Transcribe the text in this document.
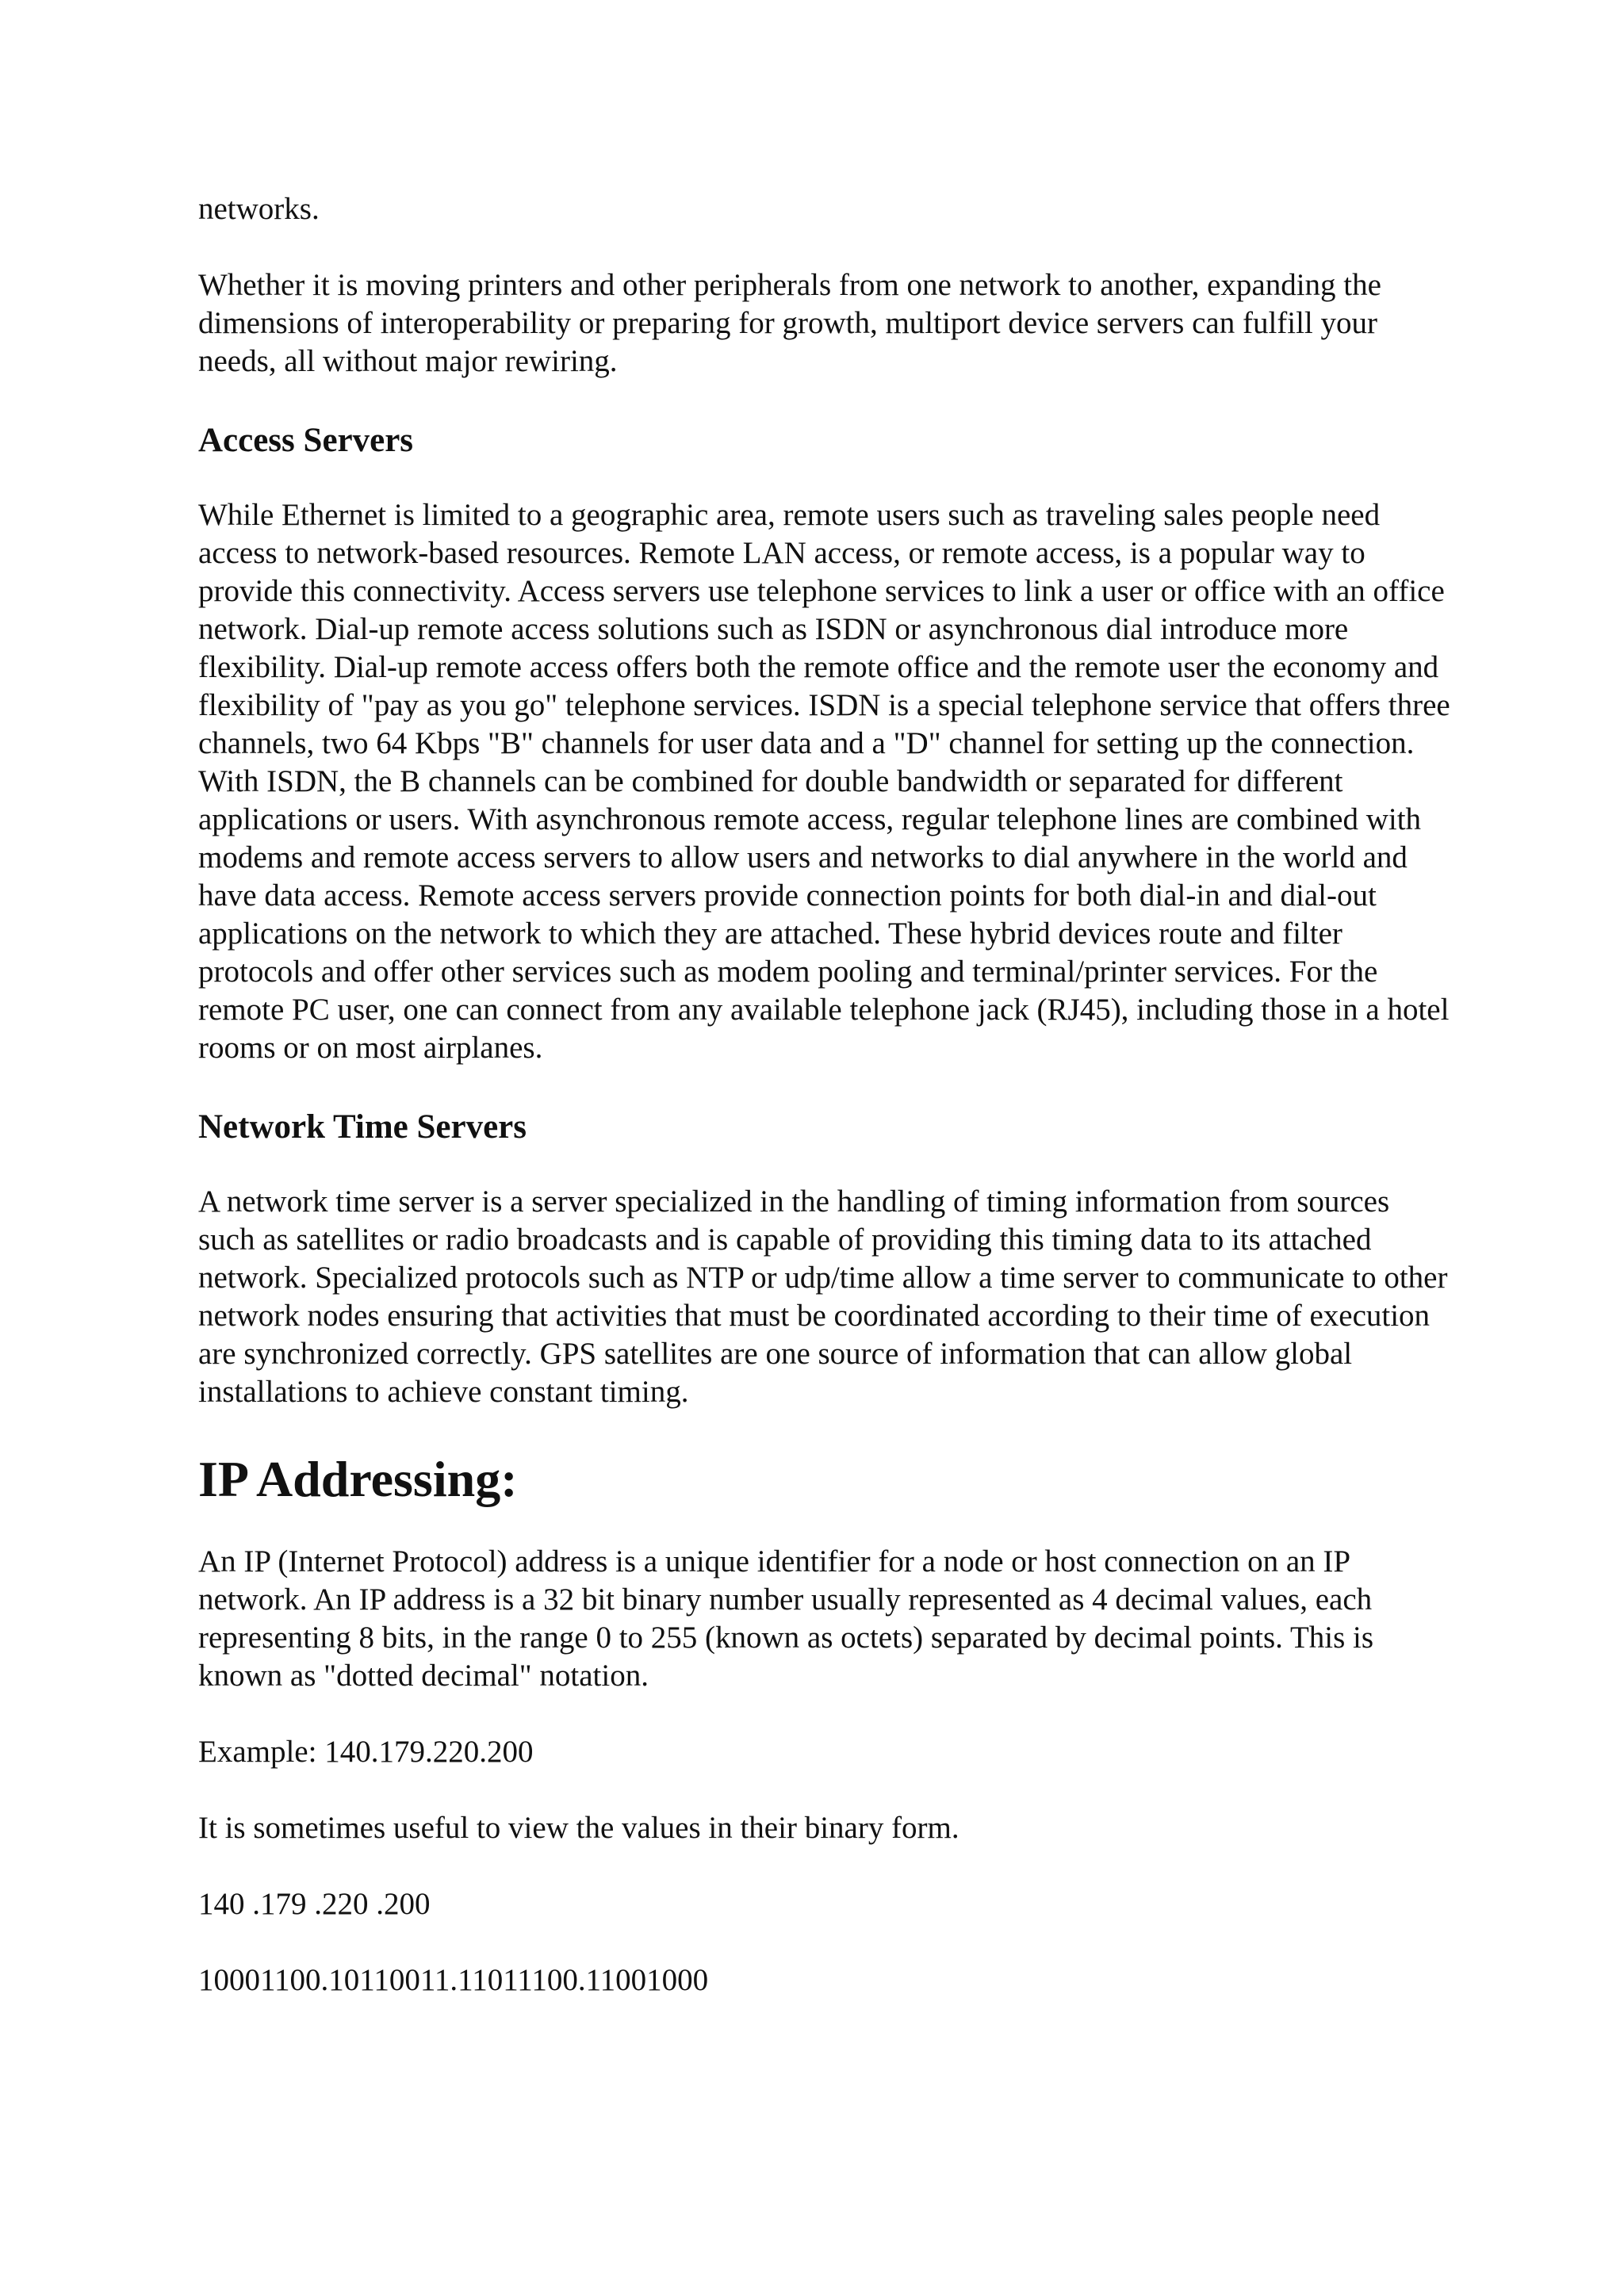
networks.

Whether it is moving printers and other peripherals from one network to another, expanding the dimensions of interoperability or preparing for growth, multiport device servers can fulfill your needs, all without major rewiring.

Access Servers

While Ethernet is limited to a geographic area, remote users such as traveling sales people need access to network-based resources. Remote LAN access, or remote access, is a popular way to provide this connectivity. Access servers use telephone services to link a user or office with an office network. Dial-up remote access solutions such as ISDN or asynchronous dial introduce more flexibility. Dial-up remote access offers both the remote office and the remote user the economy and flexibility of "pay as you go" telephone services. ISDN is a special telephone service that offers three channels, two 64 Kbps "B" channels for user data and a "D" channel for setting up the connection. With ISDN, the B channels can be combined for double bandwidth or separated for different applications or users. With asynchronous remote access, regular telephone lines are combined with modems and remote access servers to allow users and networks to dial anywhere in the world and have data access. Remote access servers provide connection points for both dial-in and dial-out applications on the network to which they are attached. These hybrid devices route and filter protocols and offer other services such as modem pooling and terminal/printer services. For the remote PC user, one can connect from any available telephone jack (RJ45), including those in a hotel rooms or on most airplanes.

Network Time Servers

A network time server is a server specialized in the handling of timing information from sources such as satellites or radio broadcasts and is capable of providing this timing data to its attached network. Specialized protocols such as NTP or udp/time allow a time server to communicate to other network nodes ensuring that activities that must be coordinated according to their time of execution are synchronized correctly. GPS satellites are one source of information that can allow global installations to achieve constant timing.

IP Addressing:

An IP (Internet Protocol) address is a unique identifier for a node or host connection on an IP network. An IP address is a 32 bit binary number usually represented as 4 decimal values, each representing 8 bits, in the range 0 to 255 (known as octets) separated by decimal points. This is known as "dotted decimal" notation.

Example: 140.179.220.200

It is sometimes useful to view the values in their binary form.

140 .179 .220 .200

10001100.10110011.11011100.11001000
